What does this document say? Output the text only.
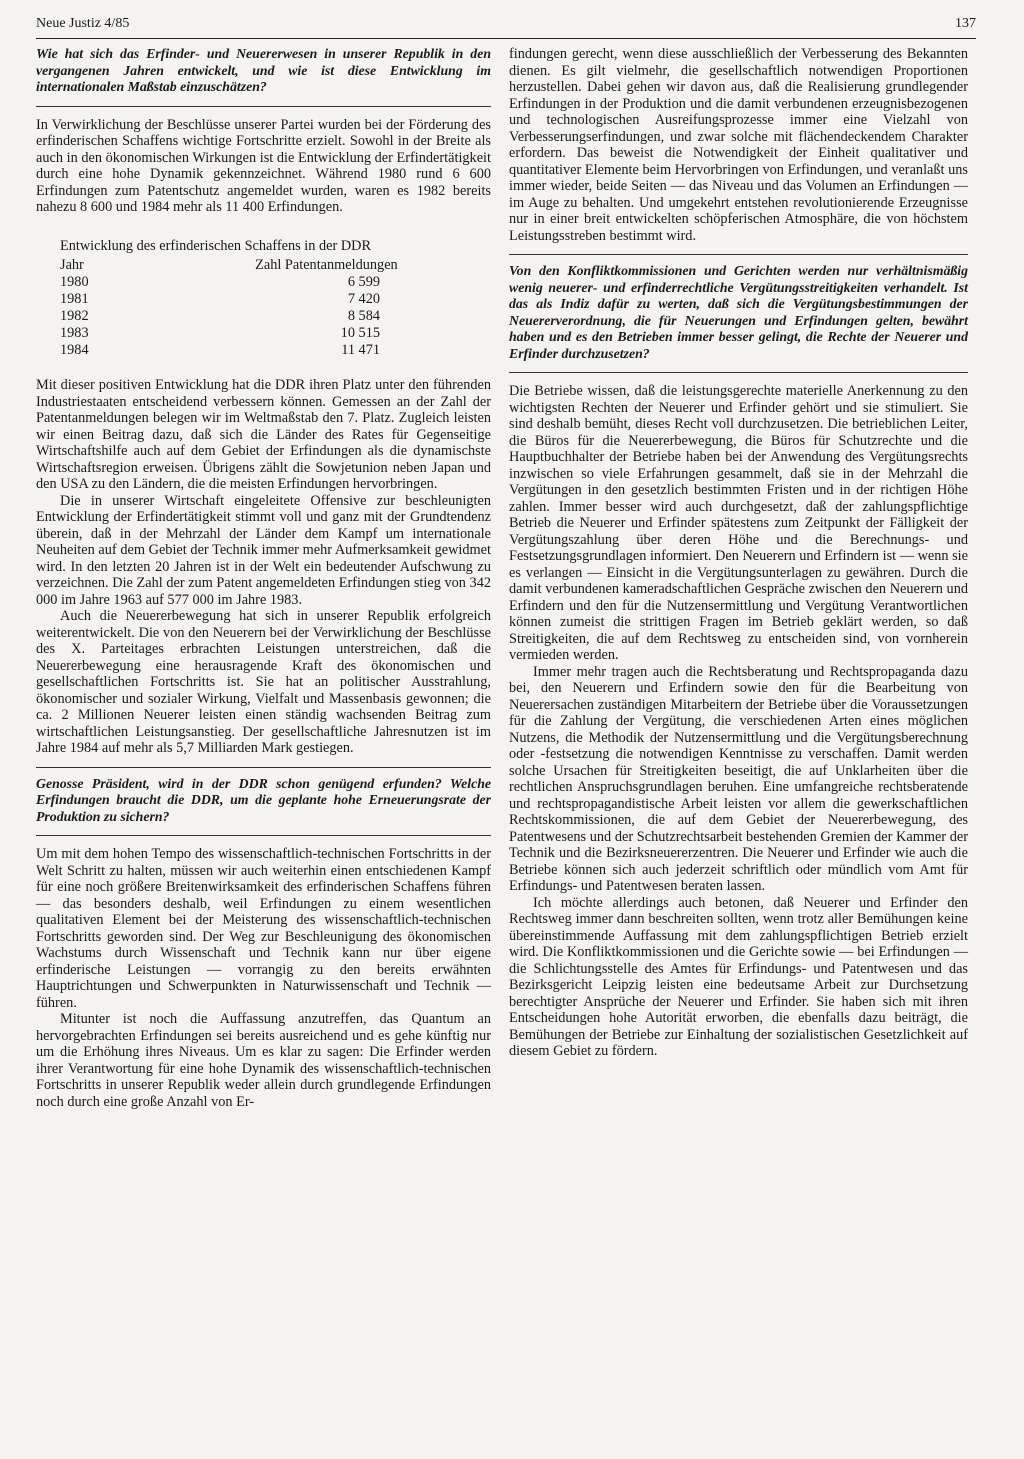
Neue Justiz 4/85	137

Wie hat sich das Erfinder- und Neuererwesen in unserer Republik in den vergangenen Jahren entwickelt, und wie ist diese Entwicklung im internationalen Maßstab einzuschätzen?

In Verwirklichung der Beschlüsse unserer Partei wurden bei der Förderung des erfinderischen Schaffens wichtige Fortschritte erzielt. Sowohl in der Breite als auch in den ökonomischen Wirkungen ist die Entwicklung der Erfindertätigkeit durch eine hohe Dynamik gekennzeichnet. Während 1980 rund 6 600 Erfindungen zum Patentschutz angemeldet wurden, waren es 1982 bereits nahezu 8 600 und 1984 mehr als 11 400 Erfindungen.

Entwicklung des erfinderischen Schaffens in der DDR
Jahr	Zahl Patentanmeldungen
1980	6 599
1981	7 420
1982	8 584
1983	10 515
1984	11 471

Mit dieser positiven Entwicklung hat die DDR ihren Platz unter den führenden Industriestaaten entscheidend verbessern können. Gemessen an der Zahl der Patentanmeldungen belegen wir im Weltmaßstab den 7. Platz. Zugleich leisten wir einen Beitrag dazu, daß sich die Länder des Rates für Gegenseitige Wirtschaftshilfe auch auf dem Gebiet der Erfindungen als die dynamischste Wirtschaftsregion erweisen. Übrigens zählt die Sowjetunion neben Japan und den USA zu den Ländern, die die meisten Erfindungen hervorbringen.

Die in unserer Wirtschaft eingeleitete Offensive zur beschleunigten Entwicklung der Erfindertätigkeit stimmt voll und ganz mit der Grundtendenz überein, daß in der Mehrzahl der Länder dem Kampf um internationale Neuheiten auf dem Gebiet der Technik immer mehr Aufmerksamkeit gewidmet wird. In den letzten 20 Jahren ist in der Welt ein bedeutender Aufschwung zu verzeichnen. Die Zahl der zum Patent angemeldeten Erfindungen stieg von 342 000 im Jahre 1963 auf 577 000 im Jahre 1983.

Auch die Neuererbewegung hat sich in unserer Republik erfolgreich weiterentwickelt. Die von den Neuerern bei der Verwirklichung der Beschlüsse des X. Parteitages erbrachten Leistungen unterstreichen, daß die Neuererbewegung eine herausragende Kraft des ökonomischen und gesellschaftlichen Fortschritts ist. Sie hat an politischer Ausstrahlung, ökonomischer und sozialer Wirkung, Vielfalt und Massenbasis gewonnen; die ca. 2 Millionen Neuerer leisten einen ständig wachsenden Beitrag zum wirtschaftlichen Leistungsanstieg. Der gesellschaftliche Jahresnutzen ist im Jahre 1984 auf mehr als 5,7 Milliarden Mark gestiegen.

Genosse Präsident, wird in der DDR schon genügend erfunden? Welche Erfindungen braucht die DDR, um die geplante hohe Erneuerungsrate der Produktion zu sichern?

Um mit dem hohen Tempo des wissenschaftlich-technischen Fortschritts in der Welt Schritt zu halten, müssen wir auch weiterhin einen entschiedenen Kampf für eine noch größere Breitenwirksamkeit des erfinderischen Schaffens führen — das besonders deshalb, weil Erfindungen zu einem wesentlichen qualitativen Element bei der Meisterung des wissenschaftlich-technischen Fortschritts geworden sind. Der Weg zur Beschleunigung des ökonomischen Wachstums durch Wissenschaft und Technik kann nur über eigene erfinderische Leistungen — vorrangig zu den bereits erwähnten Hauptrichtungen und Schwerpunkten in Naturwissenschaft und Technik — führen.

Mitunter ist noch die Auffassung anzutreffen, das Quantum an hervorgebrachten Erfindungen sei bereits ausreichend und es gehe künftig nur um die Erhöhung ihres Niveaus. Um es klar zu sagen: Die Erfinder werden ihrer Verantwortung für eine hohe Dynamik des wissenschaftlich-technischen Fortschritts in unserer Republik weder allein durch grundlegende Erfindungen noch durch eine große Anzahl von Er-

findungen gerecht, wenn diese ausschließlich der Verbesserung des Bekannten dienen. Es gilt vielmehr, die gesellschaftlich notwendigen Proportionen herzustellen. Dabei gehen wir davon aus, daß die Realisierung grundlegender Erfindungen in der Produktion und die damit verbundenen erzeugnisbezogenen und technologischen Ausreifungsprozesse immer eine Vielzahl von Verbesserungserfindungen, und zwar solche mit flächendeckendem Charakter erfordern. Das beweist die Notwendigkeit der Einheit qualitativer und quantitativer Elemente beim Hervorbringen von Erfindungen, und veranlaßt uns immer wieder, beide Seiten — das Niveau und das Volumen an Erfindungen — im Auge zu behalten. Und umgekehrt entstehen revolutionierende Erzeugnisse nur in einer breit entwickelten schöpferischen Atmosphäre, die von höchstem Leistungsstreben bestimmt wird.

Von den Konfliktkommissionen und Gerichten werden nur verhältnismäßig wenig neuerer- und erfinderrechtliche Vergütungsstreitigkeiten verhandelt. Ist das als Indiz dafür zu werten, daß sich die Vergütungsbestimmungen der Neuererverordnung, die für Neuerungen und Erfindungen gelten, bewährt haben und es den Betrieben immer besser gelingt, die Rechte der Neuerer und Erfinder durchzusetzen?

Die Betriebe wissen, daß die leistungsgerechte materielle Anerkennung zu den wichtigsten Rechten der Neuerer und Erfinder gehört und sie stimuliert. Sie sind deshalb bemüht, dieses Recht voll durchzusetzen. Die betrieblichen Leiter, die Büros für die Neuererbewegung, die Büros für Schutzrechte und die Hauptbuchhalter der Betriebe haben bei der Anwendung des Vergütungsrechts inzwischen so viele Erfahrungen gesammelt, daß sie in der Mehrzahl die Vergütungen in den gesetzlich bestimmten Fristen und in der richtigen Höhe zahlen. Immer besser wird auch durchgesetzt, daß der zahlungspflichtige Betrieb die Neuerer und Erfinder spätestens zum Zeitpunkt der Fälligkeit der Vergütungszahlung über deren Höhe und die Berechnungs- und Festsetzungsgrundlagen informiert. Den Neuerern und Erfindern ist — wenn sie es verlangen — Einsicht in die Vergütungsunterlagen zu gewähren. Durch die damit verbundenen kameradschaftlichen Gespräche zwischen den Neuerern und Erfindern und den für die Nutzensermittlung und Vergütung Verantwortlichen können zumeist die strittigen Fragen im Betrieb geklärt werden, so daß Streitigkeiten, die auf dem Rechtsweg zu entscheiden sind, von vornherein vermieden werden.

Immer mehr tragen auch die Rechtsberatung und Rechtspropaganda dazu bei, den Neuerern und Erfindern sowie den für die Bearbeitung von Neuerersachen zuständigen Mitarbeitern der Betriebe über die Voraussetzungen für die Zahlung der Vergütung, die verschiedenen Arten eines möglichen Nutzens, die Methodik der Nutzensermittlung und die Vergütungsberechnung oder -festsetzung die notwendigen Kenntnisse zu verschaffen. Damit werden solche Ursachen für Streitigkeiten beseitigt, die auf Unklarheiten über die rechtlichen Anspruchsgrundlagen beruhen. Eine umfangreiche rechtsberatende und rechtspropagandistische Arbeit leisten vor allem die gewerkschaftlichen Rechtskommissionen, die auf dem Gebiet der Neuererbewegung, des Patentwesens und der Schutzrechtsarbeit bestehenden Gremien der Kammer der Technik und die Bezirksneuererzentren. Die Neuerer und Erfinder wie auch die Betriebe können sich auch jederzeit schriftlich oder mündlich vom Amt für Erfindungs- und Patentwesen beraten lassen.

Ich möchte allerdings auch betonen, daß Neuerer und Erfinder den Rechtsweg immer dann beschreiten sollten, wenn trotz aller Bemühungen keine übereinstimmende Auffassung mit dem zahlungspflichtigen Betrieb erzielt wird. Die Konfliktkommissionen und die Gerichte sowie — bei Erfindungen — die Schlichtungsstelle des Amtes für Erfindungs- und Patentwesen und das Bezirksgericht Leipzig leisten eine bedeutsame Arbeit zur Durchsetzung berechtigter Ansprüche der Neuerer und Erfinder. Sie haben sich mit ihren Entscheidungen hohe Autorität erworben, die ebenfalls dazu beiträgt, die Bemühungen der Betriebe zur Einhaltung der sozialistischen Gesetzlichkeit auf diesem Gebiet zu fördern.
